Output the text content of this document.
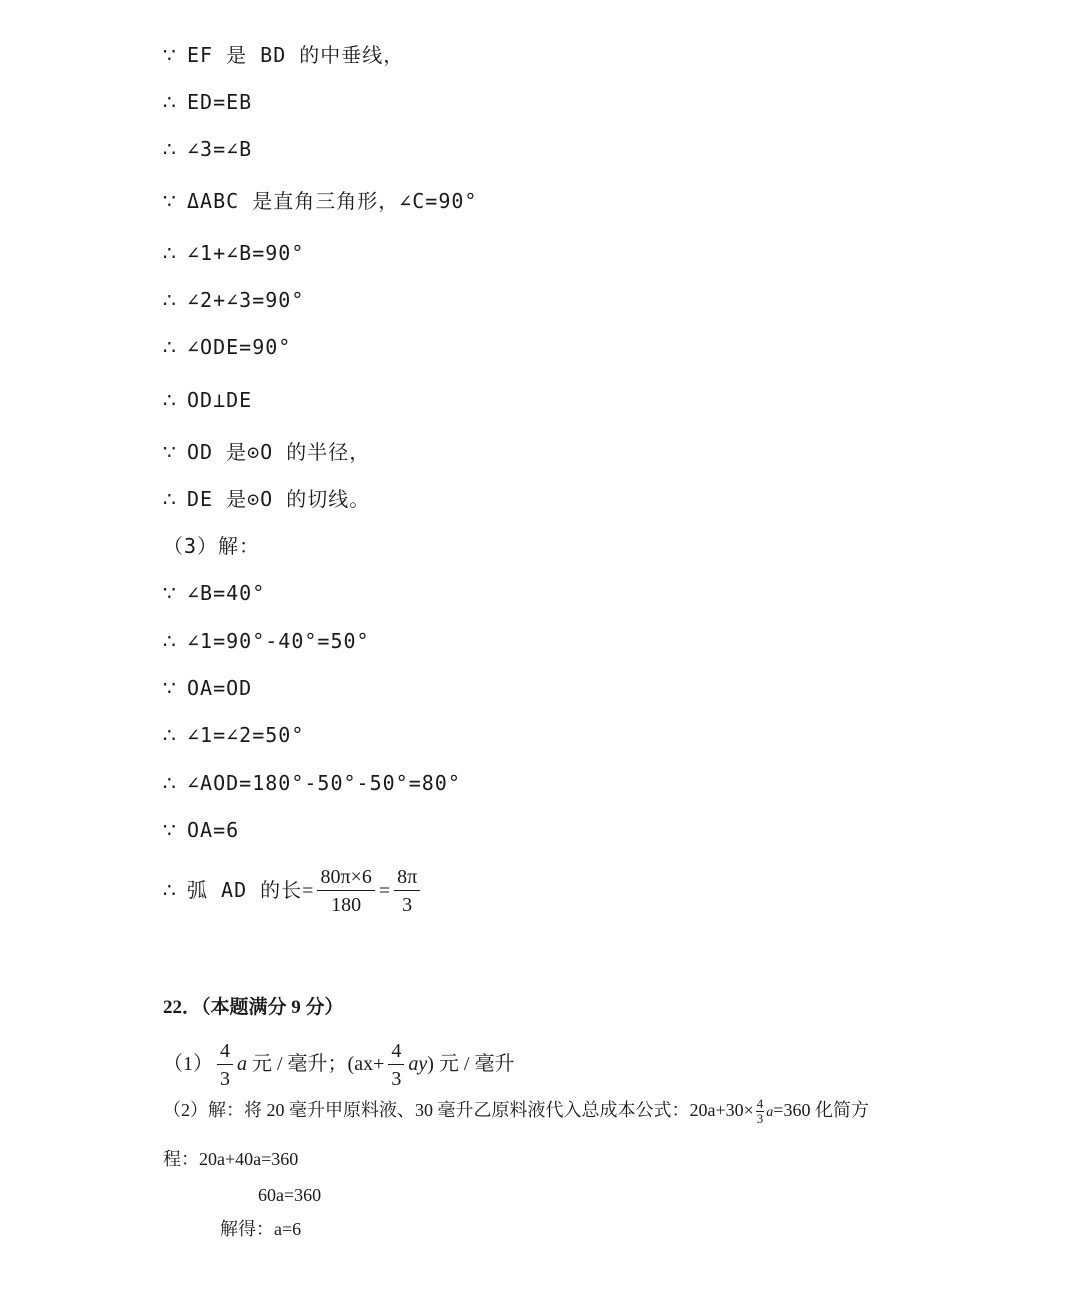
∵ EF 是 BD 的中垂线，
∴ ED=EB
∴ ∠3=∠B
∵ ΔABC 是直角三角形，∠C=90°
∴ ∠1+∠B=90°
∴ ∠2+∠3=90°
∴ ∠ODE=90°
∴ OD⊥DE
∵ OD 是⊙O 的半径，
∴ DE 是⊙O 的切线。
（3）解：
∵ ∠B=40°
∴ ∠1=90°-40°=50°
∵ OA=OD
∴ ∠1=∠2=50°
∴ ∠AOD=180°-50°-50°=80°
∵ OA=6
∴ 弧 AD 的长= $\frac{80\pi\times 6}{180} = \frac{8\pi}{3}$
22．（本题满分 9 分）
$(1) \frac{4}{3}$ a 元 / 毫升；$(ax+ \frac{4}{3} ay)$ 元 / 毫升
（2）解：将 20 毫升甲原料液、30 毫升乙原料液代入总成本公式：$20a+30\times \frac{4}{3} a=360$ 化简方
程：20a+40a=360
60a=360
解得：a=6
